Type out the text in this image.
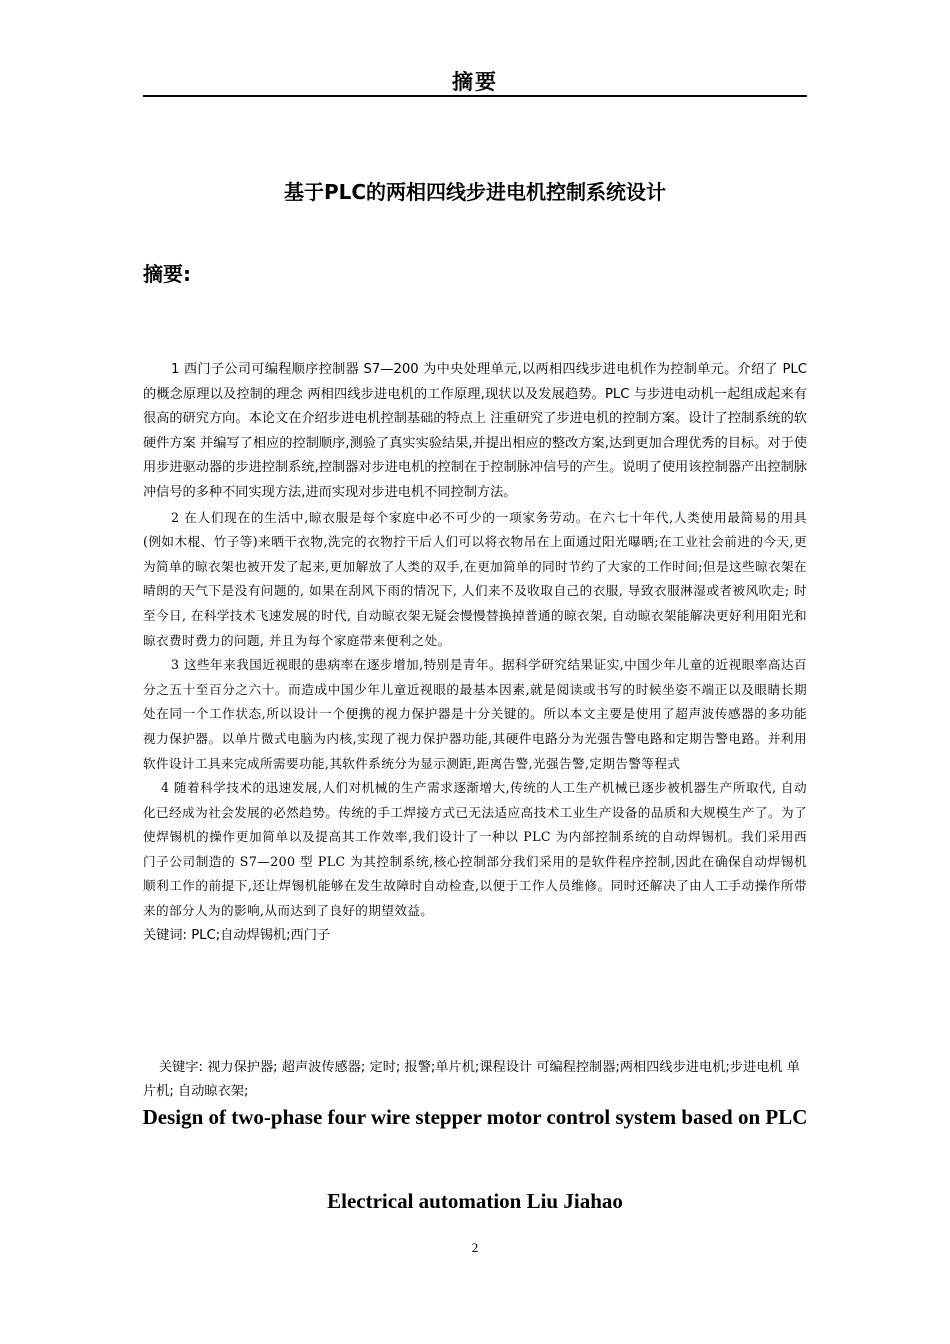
摘要
基于PLC的两相四线步进电机控制系统设计
摘要:

1 西门子公司可编程顺序控制器 S7—200 为中央处理单元,以两相四线步进电机作为控制单元。介绍了 PLC 的概念原理以及控制的理念 两相四线步进电机的工作原理,现状以及发展趋势。PLC 与步进电动机一起组成起来有很高的研究方向。本论文在介绍步进电机控制基础的特点上 注重研究了步进电机的控制方案。设计了控制系统的软硬件方案 并编写了相应的控制顺序,测验了真实实验结果,并提出相应的整改方案,达到更加合理优秀的目标。对于使用步进驱动器的步进控制系统,控制器对步进电机的控制在于控制脉冲信号的产生。说明了使用该控制器产出控制脉冲信号的多种不同实现方法,进而实现对步进电机不同控制方法。

2 在人们现在的生活中,晾衣服是每个家庭中必不可少的一项家务劳动。在六七十年代,人类使用最简易的用具(例如木棍、竹子等)来晒干衣物,洗完的衣物拧干后人们可以将衣物吊在上面通过阳光曝晒;在工业社会前进的今天,更为简单的晾衣架也被开发了起来,更加解放了人类的双手,在更加简单的同时节约了大家的工作时间;但是这些晾衣架在晴朗的天气下是没有问题的, 如果在刮风下雨的情况下, 人们来不及收取自己的衣服, 导致衣服淋湿或者被风吹走; 时至今日, 在科学技术飞速发展的时代, 自动晾衣架无疑会慢慢替换掉普通的晾衣架, 自动晾衣架能解决更好利用阳光和晾衣费时费力的问题, 并且为每个家庭带来便利之处。

3 这些年来我国近视眼的患病率在逐步增加,特别是青年。据科学研究结果证实,中国少年儿童的近视眼率高达百分之五十至百分之六十。而造成中国少年儿童近视眼的最基本因素,就是阅读或书写的时候坐姿不端正以及眼睛长期处在同一个工作状态,所以设计一个便携的视力保护器是十分关键的。所以本文主要是使用了超声波传感器的多功能视力保护器。以单片微式电脑为内核,实现了视力保护器功能,其硬件电路分为光强告警电路和定期告警电路。并利用软件设计工具来完成所需要功能,其软件系统分为显示测距,距离告警,光强告警,定期告警等程式

4 随着科学技术的迅速发展,人们对机械的生产需求逐渐增大,传统的人工生产机械已逐步被机器生产所取代, 自动化已经成为社会发展的必然趋势。传统的手工焊接方式已无法适应高技术工业生产设备的品质和大规模生产了。为了使焊锡机的操作更加简单以及提高其工作效率,我们设计了一种以 PLC 为内部控制系统的自动焊锡机。我们采用西门子公司制造的 S7—200 型 PLC 为其控制系统,核心控制部分我们采用的是软件程序控制,因此在确保自动焊锡机顺利工作的前提下,还让焊锡机能够在发生故障时自动检查,以便于工作人员维修。同时还解决了由人工手动操作所带来的部分人为的影响,从而达到了良好的期望效益。

关键词: PLC;自动焊锡机;西门子

关键字: 视力保护器; 超声波传感器; 定时; 报警;单片机;课程设计 可编程控制器;两相四线步进电机;步进电机 单片机; 自动晾衣架;
Design of two-phase four wire stepper motor control system based on PLC
Electrical automation Liu Jiahao
2
